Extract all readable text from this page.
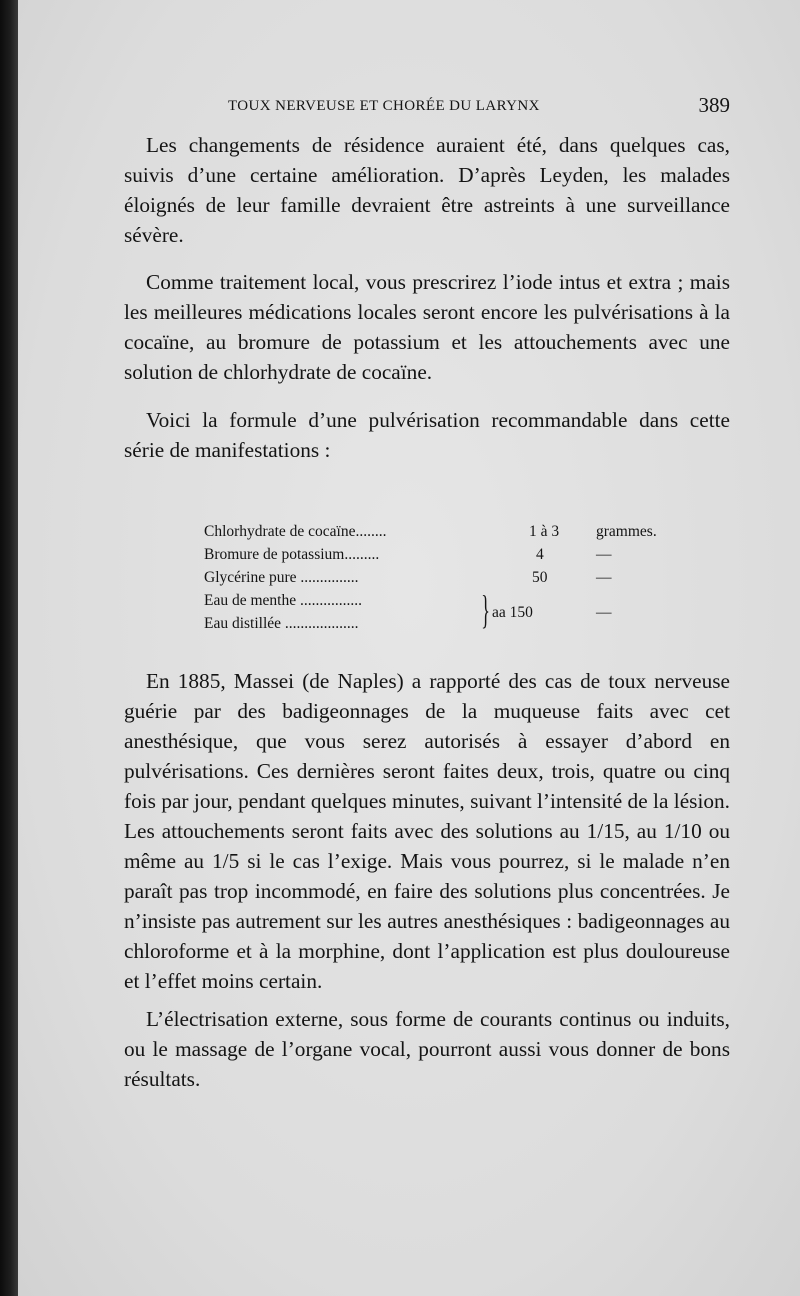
TOUX NERVEUSE ET CHORÉE DU LARYNX	389

Les changements de résidence auraient été, dans quelques cas, suivis d’une certaine amélioration. D’après Leyden, les malades éloignés de leur famille devraient être astreints à une surveillance sévère.

Comme traitement local, vous prescrirez l’iode intus et extra ; mais les meilleures médications locales seront encore les pulvérisations à la cocaïne, au bromure de potassium et les attouchements avec une solution de chlorhydrate de cocaïne.

Voici la formule d’une pulvérisation recommandable dans cette série de manifestations :

Chlorhydrate de cocaïne........	1 à 3 grammes.
Bromure de potassium.........	4	—
Glycérine pure ...............	50	—
Eau de menthe ................
Eau distillée ...................	} aa 150	—

En 1885, Massei (de Naples) a rapporté des cas de toux nerveuse guérie par des badigeonnages de la muqueuse faits avec cet anesthésique, que vous serez autorisés à essayer d’abord en pulvérisations. Ces dernières seront faites deux, trois, quatre ou cinq fois par jour, pendant quelques minutes, suivant l’intensité de la lésion. Les attouchements seront faits avec des solutions au 1/15, au 1/10 ou même au 1/5 si le cas l’exige. Mais vous pourrez, si le malade n’en paraît pas trop incommodé, en faire des solutions plus concentrées. Je n’insiste pas autrement sur les autres anesthésiques : badigeonnages au chloroforme et à la morphine, dont l’application est plus douloureuse et l’effet moins certain.

L’électrisation externe, sous forme de courants continus ou induits, ou le massage de l’organe vocal, pourront aussi vous donner de bons résultats.
